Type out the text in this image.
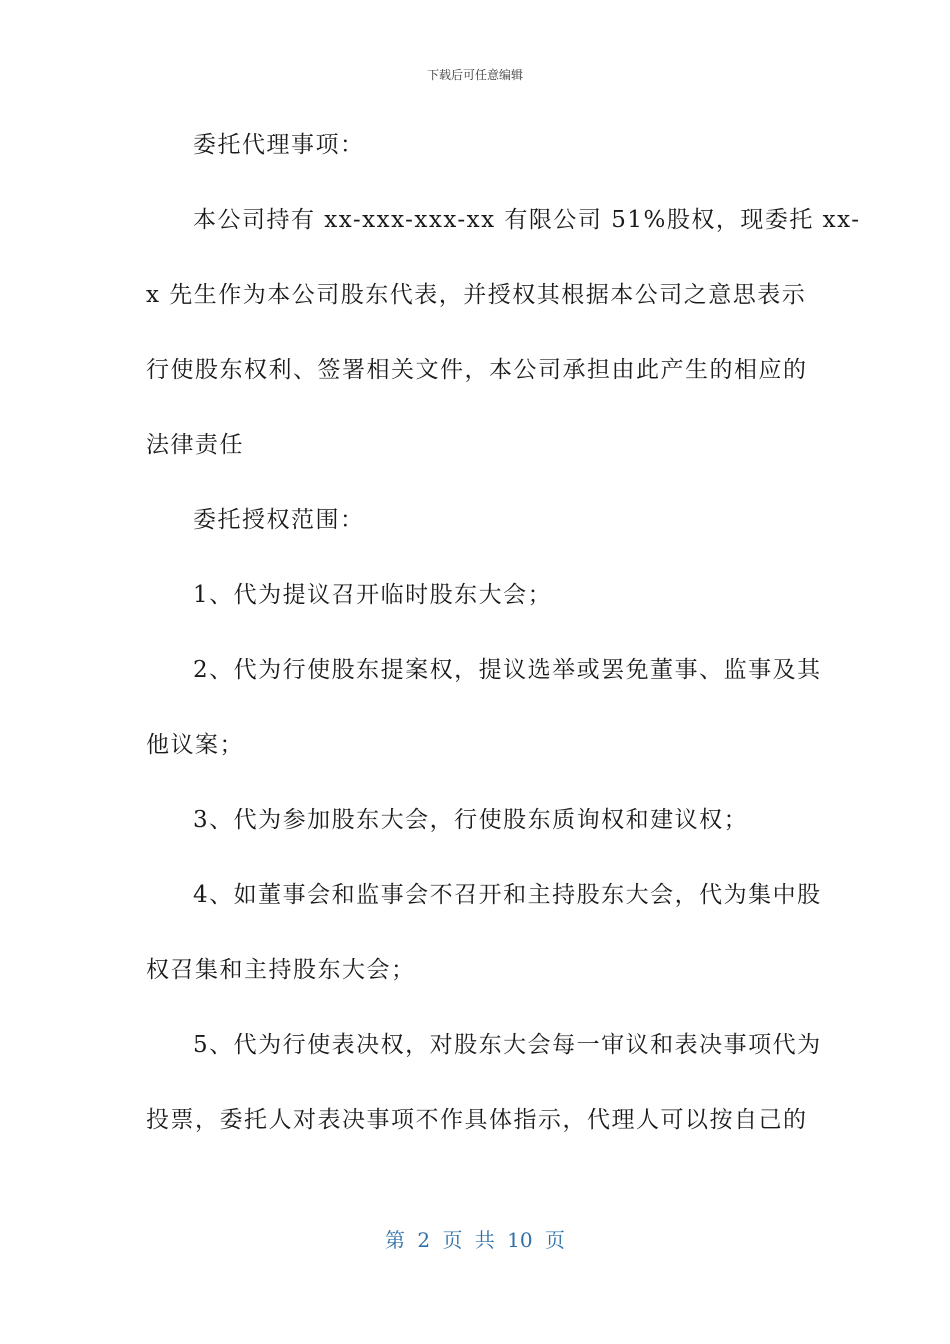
下载后可任意编辑
委托代理事项：
本公司持有 xx-xxx-xxx-xx 有限公司 51%股权，现委托 xx-
x 先生作为本公司股东代表，并授权其根据本公司之意思表示
行使股东权利、签署相关文件，本公司承担由此产生的相应的
法律责任
委托授权范围：
1、代为提议召开临时股东大会；
2、代为行使股东提案权，提议选举或罢免董事、监事及其
他议案；
3、代为参加股东大会，行使股东质询权和建议权；
4、如董事会和监事会不召开和主持股东大会，代为集中股
权召集和主持股东大会；
5、代为行使表决权，对股东大会每一审议和表决事项代为
投票，委托人对表决事项不作具体指示，代理人可以按自己的
第 2 页 共 10 页
